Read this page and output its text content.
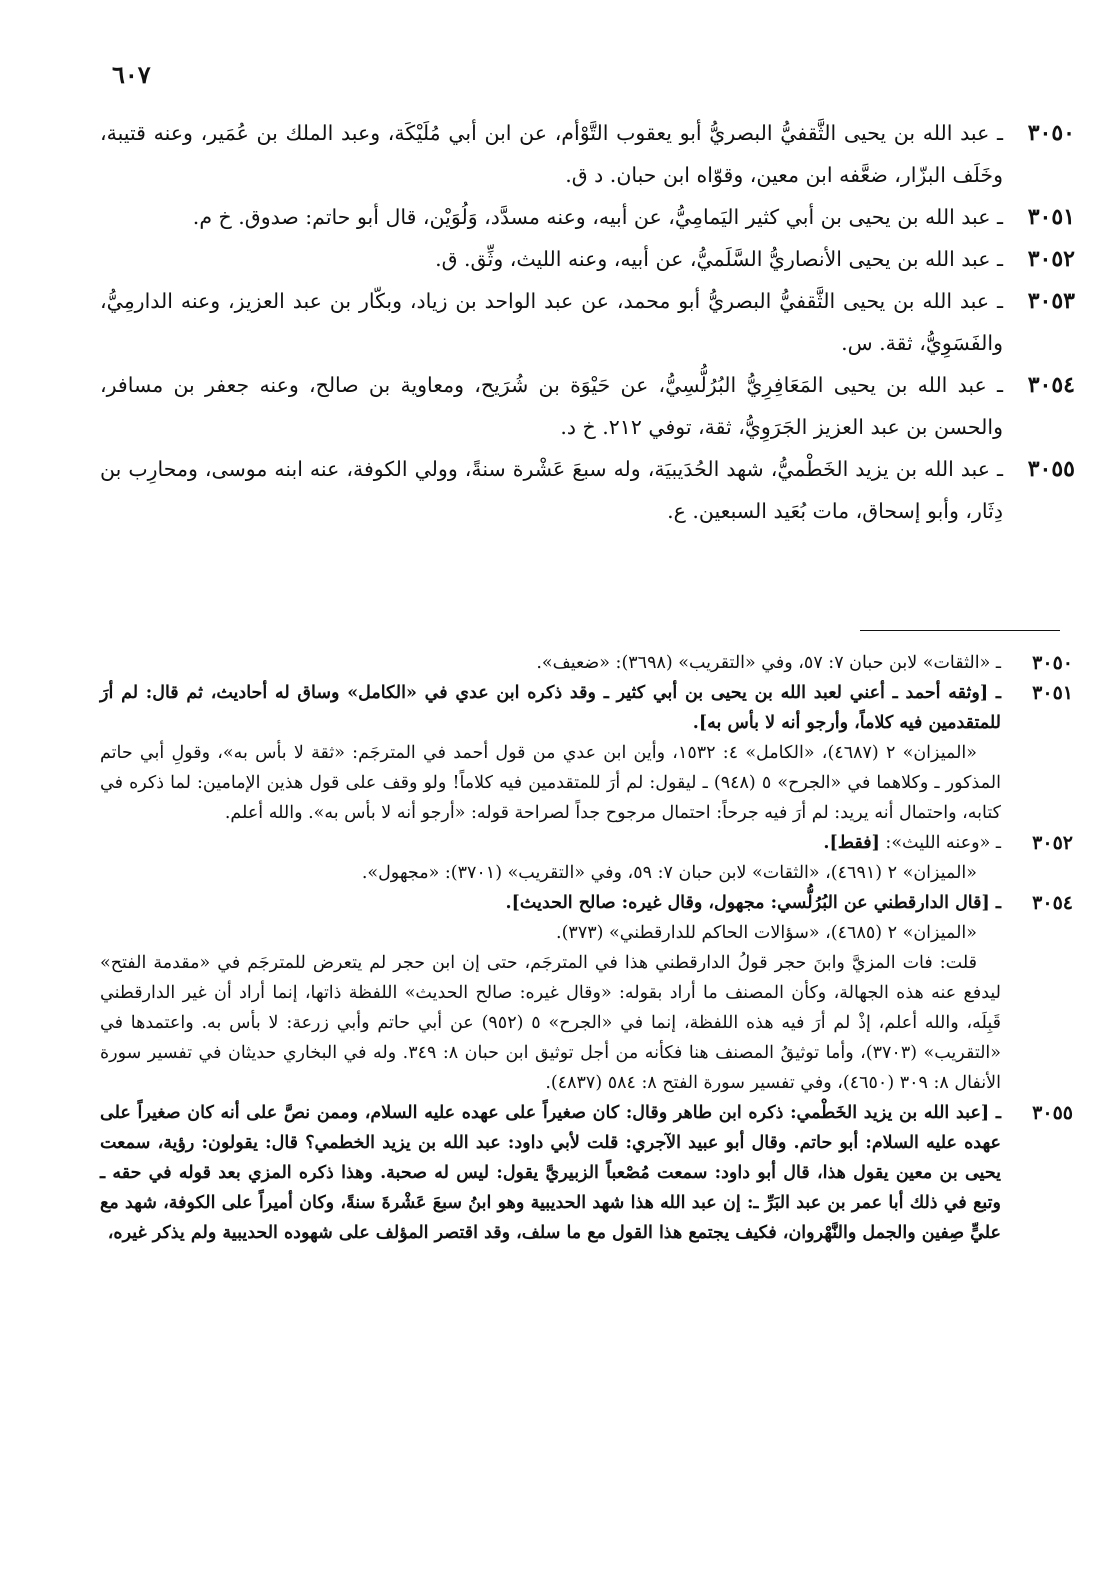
٦٠٧
٣٠٥٠
ـ عبد الله بن يحيى الثَّقفيُّ البصريُّ أبو يعقوب التَّوْأم، عن ابن أبي مُلَيْكَة، وعبد الملك بن عُمَير، وعنه قتيبة، وخَلَف البزّار، ضعَّفه ابن معين، وقوّاه ابن حبان. د ق.
٣٠٥١
ـ عبد الله بن يحيى بن أبي كثير اليَمامِيُّ، عن أبيه، وعنه مسدَّد، وَلُوَيْن، قال أبو حاتم: صدوق. خ م.
٣٠٥٢
ـ عبد الله بن يحيى الأنصاريُّ السَّلَميُّ، عن أبيه، وعنه الليث، وثِّق. ق.
٣٠٥٣
ـ عبد الله بن يحيى الثَّقفيُّ البصريُّ أبو محمد، عن عبد الواحد بن زياد، وبكّار بن عبد العزيز، وعنه الدارمِيُّ، والفَسَوِيُّ، ثقة. س.
٣٠٥٤
ـ عبد الله بن يحيى المَعَافِرِيُّ البُرُلُّسِيُّ، عن حَيْوَة بن شُرَيح، ومعاوية بن صالح، وعنه جعفر بن مسافر، والحسن بن عبد العزيز الجَرَوِيُّ، ثقة، توفي ٢١٢. خ د.
٣٠٥٥
ـ عبد الله بن يزيد الخَطْميُّ، شهد الحُدَيبيَة، وله سبعَ عَشْرة سنةً، وولي الكوفة، عنه ابنه موسى، ومحارِب بن دِثَار، وأبو إسحاق، مات بُعَيد السبعين. ع.
٣٠٥٠

ـ «الثقات» لابن حبان ٧: ٥٧، وفي «التقريب» (٣٦٩٨): «ضعيف».

٣٠٥١

ـ [وثقه أحمد ـ أعني لعبد الله بن يحيى بن أبي كثير ـ وقد ذكره ابن عدي في «الكامل» وساق له أحاديث، ثم قال: لم أرَ للمتقدمين فيه كلاماً، وأرجو أنه لا بأس به].

«الميزان» ٢ (٤٦٨٧)، «الكامل» ٤: ١٥٣٢، وأين ابن عدي من قول أحمد في المترجَم: «ثقة لا بأس به»، وقولِ أبي حاتم المذكور ـ وكلاهما في «الجرح» ٥ (٩٤٨) ـ ليقول: لم أرَ للمتقدمين فيه كلاماً! ولو وقف على قول هذين الإمامين: لما ذكره في كتابه، واحتمال أنه يريد: لم أرَ فيه جرحاً: احتمال مرجوح جداً لصراحة قوله: «أرجو أنه لا بأس به». والله أعلم.

٣٠٥٢

ـ «وعنه الليث»: [فقط].

«الميزان» ٢ (٤٦٩١)، «الثقات» لابن حبان ٧: ٥٩، وفي «التقريب» (٣٧٠١): «مجهول».

٣٠٥٤

ـ [قال الدارقطني عن البُرُلُّسي: مجهول، وقال غيره: صالح الحديث].

«الميزان» ٢ (٤٦٨٥)، «سؤالات الحاكم للدارقطني» (٣٧٣).

قلت: فات المزيَّ وابنَ حجر قولُ الدارقطني هذا في المترجَم، حتى إن ابن حجر لم يتعرض للمترجَم في «مقدمة الفتح» ليدفع عنه هذه الجهالة، وكأن المصنف ما أراد بقوله: «وقال غيره: صالح الحديث» اللفظة ذاتها، إنما أراد أن غير الدارقطني قَبِلَه، والله أعلم، إذْ لم أرَ فيه هذه اللفظة، إنما في «الجرح» ٥ (٩٥٢) عن أبي حاتم وأبي زرعة: لا بأس به. واعتمدها في «التقريب» (٣٧٠٣)، وأما توثيقُ المصنف هنا فكأنه من أجل توثيق ابن حبان ٨: ٣٤٩. وله في البخاري حديثان في تفسير سورة الأنفال ٨: ٣٠٩ (٤٦٥٠)، وفي تفسير سورة الفتح ٨: ٥٨٤ (٤٨٣٧).

٣٠٥٥

ـ [عبد الله بن يزيد الخَطْمي: ذكره ابن طاهر وقال: كان صغيراً على عهده عليه السلام، وممن نصَّ على أنه كان صغيراً على عهده عليه السلام: أبو حاتم. وقال أبو عبيد الآجري: قلت لأبي داود: عبد الله بن يزيد الخطمي؟ قال: يقولون: رؤية، سمعت يحيى بن معين يقول هذا، قال أبو داود: سمعت مُصْعباً الزبيريَّ يقول: ليس له صحبة. وهذا ذكره المزي بعد قوله في حقه ـ وتبع في ذلك أبا عمر بن عبد البَرِّ ـ: إن عبد الله هذا شهد الحديبية وهو ابنُ سبعَ عَشْرةَ سنةً، وكان أميراً على الكوفة، شهد مع عليٍّ صِفين والجمل والنَّهْروان، فكيف يجتمع هذا القول مع ما سلف، وقد اقتصر المؤلف على شهوده الحديبية ولم يذكر غيره،
